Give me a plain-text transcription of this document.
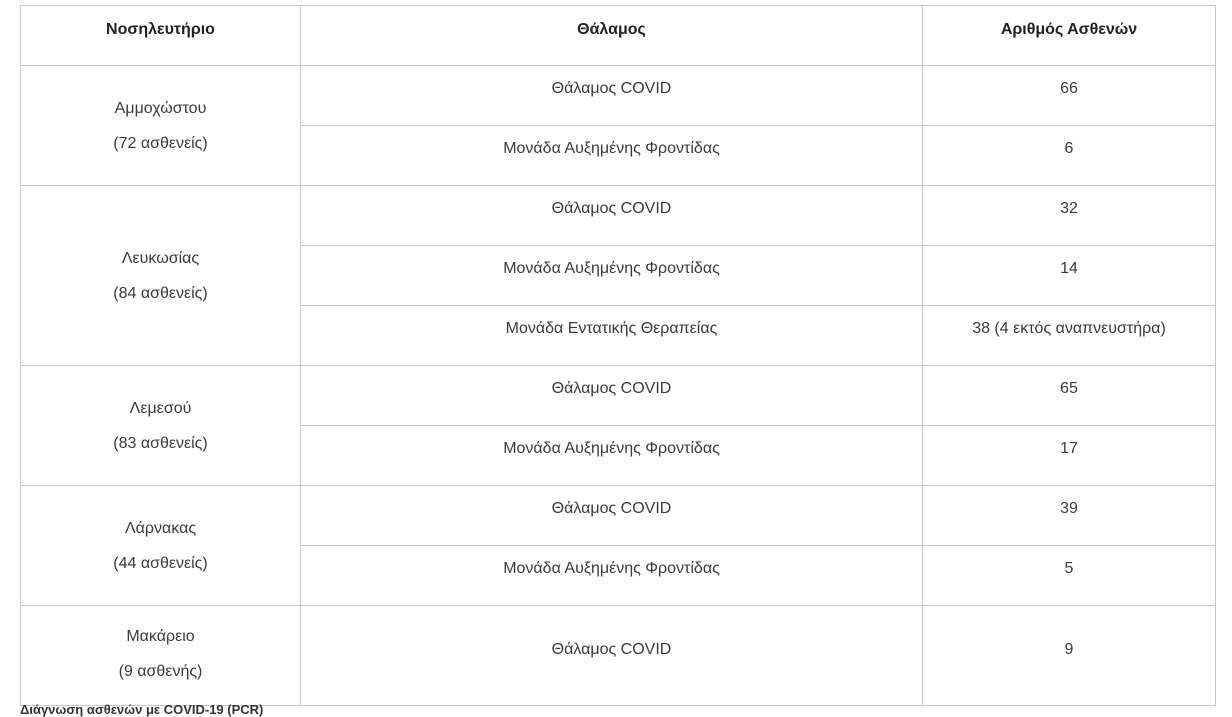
Νοσηλευτήριο	Θάλαμος	Αριθμός Ασθενών

Αμμοχώστου
(72 ασθενείς)	Θάλαμος COVID	66
	Μονάδα Αυξημένης Φροντίδας	6

Λευκωσίας
(84 ασθενείς)	Θάλαμος COVID	32
	Μονάδα Αυξημένης Φροντίδας	14
	Μονάδα Εντατικής Θεραπείας	38 (4 εκτός αναπνευστήρα)

Λεμεσού
(83 ασθενείς)	Θάλαμος COVID	65
	Μονάδα Αυξημένης Φροντίδας	17

Λάρνακας
(44 ασθενείς)	Θάλαμος COVID	39
	Μονάδα Αυξημένης Φροντίδας	5

Μακάρειο
(9 ασθενής)	Θάλαμος COVID	9
Διάγνωση ασθενών με COVID-19 (PCR)
